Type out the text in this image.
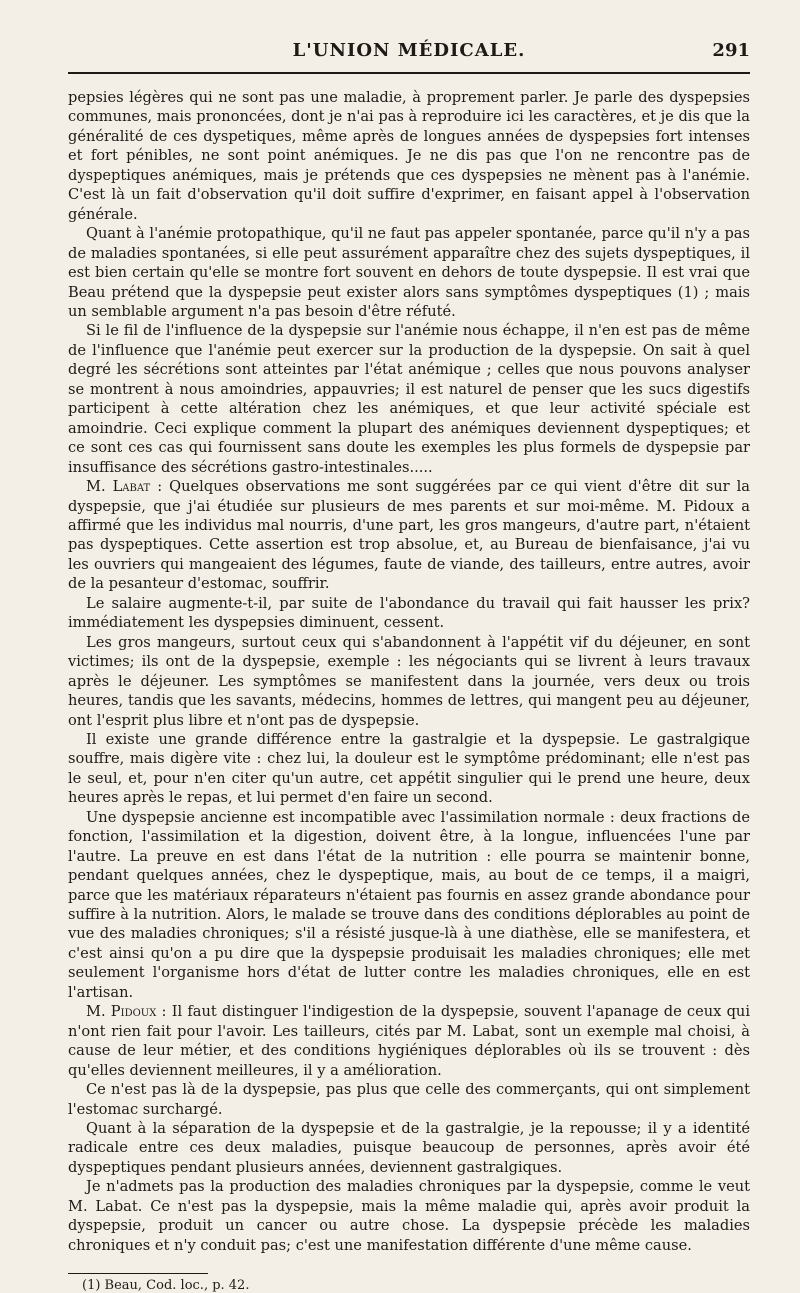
L'UNION MÉDICALE.	291

pepsies légères qui ne sont pas une maladie, à proprement parler. Je parle des dyspepsies communes, mais prononcées, dont je n'ai pas à reproduire ici les caractères, et je dis que la généralité de ces dyspetiques, même après de longues années de dyspepsies fort intenses et fort pénibles, ne sont point anémiques. Je ne dis pas que l'on ne rencontre pas de dyspeptiques anémiques, mais je prétends que ces dyspepsies ne mènent pas à l'anémie. C'est là un fait d'observation qu'il doit suffire d'exprimer, en faisant appel à l'observation générale.

Quant à l'anémie protopathique, qu'il ne faut pas appeler spontanée, parce qu'il n'y a pas de maladies spontanées, si elle peut assurément apparaître chez des sujets dyspeptiques, il est bien certain qu'elle se montre fort souvent en dehors de toute dyspepsie. Il est vrai que Beau prétend que la dyspepsie peut exister alors sans symptômes dyspeptiques (1) ; mais un semblable argument n'a pas besoin d'être réfuté.

Si le fil de l'influence de la dyspepsie sur l'anémie nous échappe, il n'en est pas de même de l'influence que l'anémie peut exercer sur la production de la dyspepsie. On sait à quel degré les sécrétions sont atteintes par l'état anémique ; celles que nous pouvons analyser se montrent à nous amoindries, appauvries; il est naturel de penser que les sucs digestifs participent à cette altération chez les anémiques, et que leur activité spéciale est amoindrie. Ceci explique comment la plupart des anémiques deviennent dyspeptiques; et ce sont ces cas qui fournissent sans doute les exemples les plus formels de dyspepsie par insuffisance des sécrétions gastro-intestinales.....

M. Labat : Quelques observations me sont suggérées par ce qui vient d'être dit sur la dyspepsie, que j'ai étudiée sur plusieurs de mes parents et sur moi-même. M. Pidoux a affirmé que les individus mal nourris, d'une part, les gros mangeurs, d'autre part, n'étaient pas dyspeptiques. Cette assertion est trop absolue, et, au Bureau de bienfaisance, j'ai vu les ouvriers qui mangeaient des légumes, faute de viande, des tailleurs, entre autres, avoir de la pesanteur d'estomac, souffrir.

Le salaire augmente-t-il, par suite de l'abondance du travail qui fait hausser les prix? immédiatement les dyspepsies diminuent, cessent.

Les gros mangeurs, surtout ceux qui s'abandonnent à l'appétit vif du déjeuner, en sont victimes; ils ont de la dyspepsie, exemple : les négociants qui se livrent à leurs travaux après le déjeuner. Les symptômes se manifestent dans la journée, vers deux ou trois heures, tandis que les savants, médecins, hommes de lettres, qui mangent peu au déjeuner, ont l'esprit plus libre et n'ont pas de dyspepsie.

Il existe une grande différence entre la gastralgie et la dyspepsie. Le gastralgique souffre, mais digère vite : chez lui, la douleur est le symptôme prédominant; elle n'est pas le seul, et, pour n'en citer qu'un autre, cet appétit singulier qui le prend une heure, deux heures après le repas, et lui permet d'en faire un second.

Une dyspepsie ancienne est incompatible avec l'assimilation normale : deux fractions de fonction, l'assimilation et la digestion, doivent être, à la longue, influencées l'une par l'autre. La preuve en est dans l'état de la nutrition : elle pourra se maintenir bonne, pendant quelques années, chez le dyspeptique, mais, au bout de ce temps, il a maigri, parce que les matériaux réparateurs n'étaient pas fournis en assez grande abondance pour suffire à la nutrition. Alors, le malade se trouve dans des conditions déplorables au point de vue des maladies chroniques; s'il a résisté jusque-là à une diathèse, elle se manifestera, et c'est ainsi qu'on a pu dire que la dyspepsie produisait les maladies chroniques; elle met seulement l'organisme hors d'état de lutter contre les maladies chroniques, elle en est l'artisan.

M. Pidoux : Il faut distinguer l'indigestion de la dyspepsie, souvent l'apanage de ceux qui n'ont rien fait pour l'avoir. Les tailleurs, cités par M. Labat, sont un exemple mal choisi, à cause de leur métier, et des conditions hygiéniques déplorables où ils se trouvent : dès qu'elles deviennent meilleures, il y a amélioration.

Ce n'est pas là de la dyspepsie, pas plus que celle des commerçants, qui ont simplement l'estomac surchargé.

Quant à la séparation de la dyspepsie et de la gastralgie, je la repousse; il y a identité radicale entre ces deux maladies, puisque beaucoup de personnes, après avoir été dyspeptiques pendant plusieurs années, deviennent gastralgiques.

Je n'admets pas la production des maladies chroniques par la dyspepsie, comme le veut M. Labat. Ce n'est pas la dyspepsie, mais la même maladie qui, après avoir produit la dyspepsie, produit un cancer ou autre chose. La dyspepsie précède les maladies chroniques et n'y conduit pas; c'est une manifestation différente d'une même cause.

(1) Beau, Cod. loc., p. 42.
